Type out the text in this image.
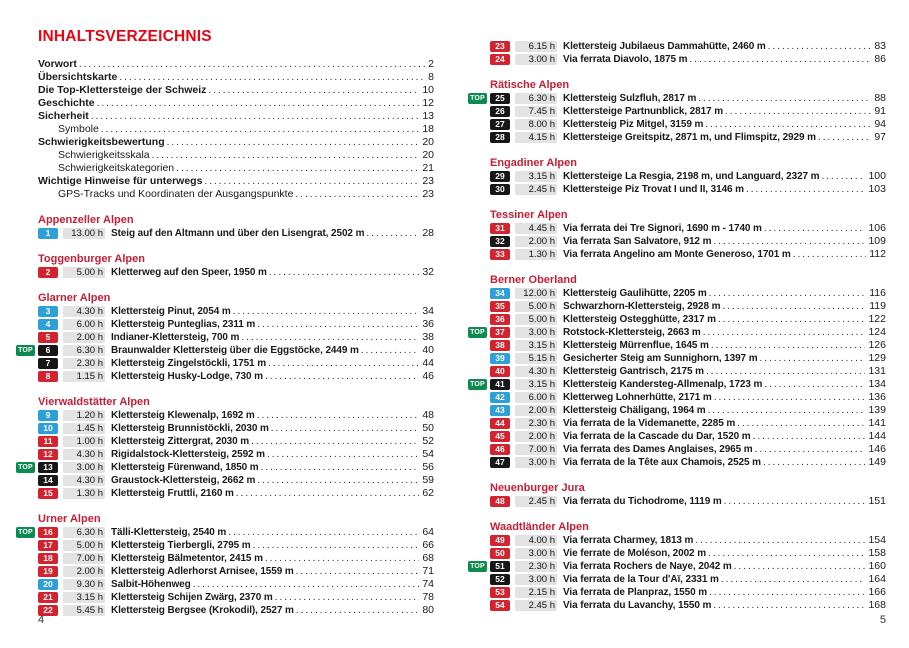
INHALTSVERZEICHNIS
Vorwort .....	2
Übersichtskarte .....	8
Die Top-Klettersteige der Schweiz .....	10
Geschichte .....	12
Sicherheit .....	13
Symbole .....	18
Schwierigkeitsbewertung .....	20
Schwierigkeitsskala .....	20
Schwierigkeitskategorien .....	21
Wichtige Hinweise für unterwegs .....	23
GPS-Tracks und Koordinaten der Ausgangspunkte .....	23
Appenzeller Alpen
1	13.00 h Steig auf den Altmann und über den Lisengrat, 2502 m .....	28
Toggenburger Alpen
2	5.00 h Kletterweg auf den Speer, 1950 m .....	32
Glarner Alpen
3	4.30 h Klettersteig Pinut, 2054 m .....	34
4	6.00 h Klettersteig Punteglias, 2311 m .....	36
5	2.00 h Indianer-Klettersteig, 700 m .....	38
TOP	6	6.30 h Braunwalder Klettersteig über die Eggstöcke, 2449 m .....	40
7	2.30 h Klettersteig Zingelstöckli, 1751 m .....	44
8	1.15 h Klettersteig Husky-Lodge, 730 m .....	46
Vierwaldstätter Alpen
9	1.20 h Klettersteig Klewenalp, 1692 m .....	48
10	1.45 h Klettersteig Brunnistöckli, 2030 m .....	50
11	1.00 h Klettersteig Zittergrat, 2030 m .....	52
12	4.30 h Rigidalstock-Klettersteig, 2592 m .....	54
TOP	13	3.00 h Klettersteig Fürenwand, 1850 m .....	56
14	4.30 h Graustock-Klettersteig, 2662 m .....	59
15	1.30 h Klettersteig Fruttli, 2160 m .....	62
Urner Alpen
TOP	16	6.30 h Tälli-Klettersteig, 2540 m .....	64
17	5.00 h Klettersteig Tierbergli, 2795 m .....	66
18	7.00 h Klettersteig Bälmetentor, 2415 m .....	68
19	2.00 h Klettersteig Adlerhorst Arnisee, 1559 m .....	71
20	9.30 h Salbit-Höhenweg .....	74
21	3.15 h Klettersteig Schijen Zwärg, 2370 m .....	78
22	5.45 h Klettersteig Bergsee (Krokodil), 2527 m .....	80
23	6.15 h Klettersteig Jubilaeus Dammahütte, 2460 m .....	83
24	3.00 h Via ferrata Diavolo, 1875 m .....	86
Rätische Alpen
TOP	25	6.30 h Klettersteig Sulzfluh, 2817 m .....	88
26	7.45 h Klettersteige Partnunblick, 2817 m .....	91
27	8.00 h Klettersteig Piz Mitgel, 3159 m .....	94
28	4.15 h Klettersteige Greitspitz, 2871 m, und Flimspitz, 2929 m .....	97
Engadiner Alpen
29	3.15 h Klettersteige La Resgia, 2198 m, und Languard, 2327 m .....	100
30	2.45 h Klettersteige Piz Trovat I und II, 3146 m .....	103
Tessiner Alpen
31	4.45 h Via ferrata dei Tre Signori, 1690 m - 1740 m .....	106
32	2.00 h Via ferrata San Salvatore, 912 m .....	109
33	1.30 h Via ferrata Angelino am Monte Generoso, 1701 m .....	112
Berner Oberland
34	12.00 h Klettersteig Gaulihütte, 2205 m .....	116
35	5.00 h Schwarzhorn-Klettersteig, 2928 m .....	119
36	5.00 h Klettersteig Ostegghütte, 2317 m .....	122
TOP	37	3.00 h Rotstock-Klettersteig, 2663 m .....	124
38	3.15 h Klettersteig Mürrenflue, 1645 m .....	126
39	5.15 h Gesicherter Steig am Sunnighorn, 1397 m .....	129
40	4.30 h Klettersteig Gantrisch, 2175 m .....	131
TOP	41	3.15 h Klettersteig Kandersteg-Allmenalp, 1723 m .....	134
42	6.00 h Kletterweg Lohnerhütte, 2171 m .....	136
43	2.00 h Klettersteig Chäligang, 1964 m .....	139
44	2.30 h Via ferrata de la Videmanette, 2285 m .....	141
45	2.00 h Via ferrata de la Cascade du Dar, 1520 m .....	144
46	7.00 h Via ferrata des Dames Anglaises, 2965 m .....	146
47	3.00 h Via ferrata de la Tête aux Chamois, 2525 m .....	149
Neuenburger Jura
48	2.45 h Via ferrata du Tichodrome, 1119 m .....	151
Waadtländer Alpen
49	4.00 h Via ferrata Charmey, 1813 m .....	154
50	3.00 h Vie ferrate de Moléson, 2002 m .....	158
TOP	51	2.30 h Via ferrata Rochers de Naye, 2042 m .....	160
52	3.00 h Via ferrata de la Tour d'Aï, 2331 m .....	164
53	2.15 h Via ferrata de Planpraz, 1550 m .....	166
54	2.45 h Via ferrata du Lavanchy, 1550 m .....	168
4	5
